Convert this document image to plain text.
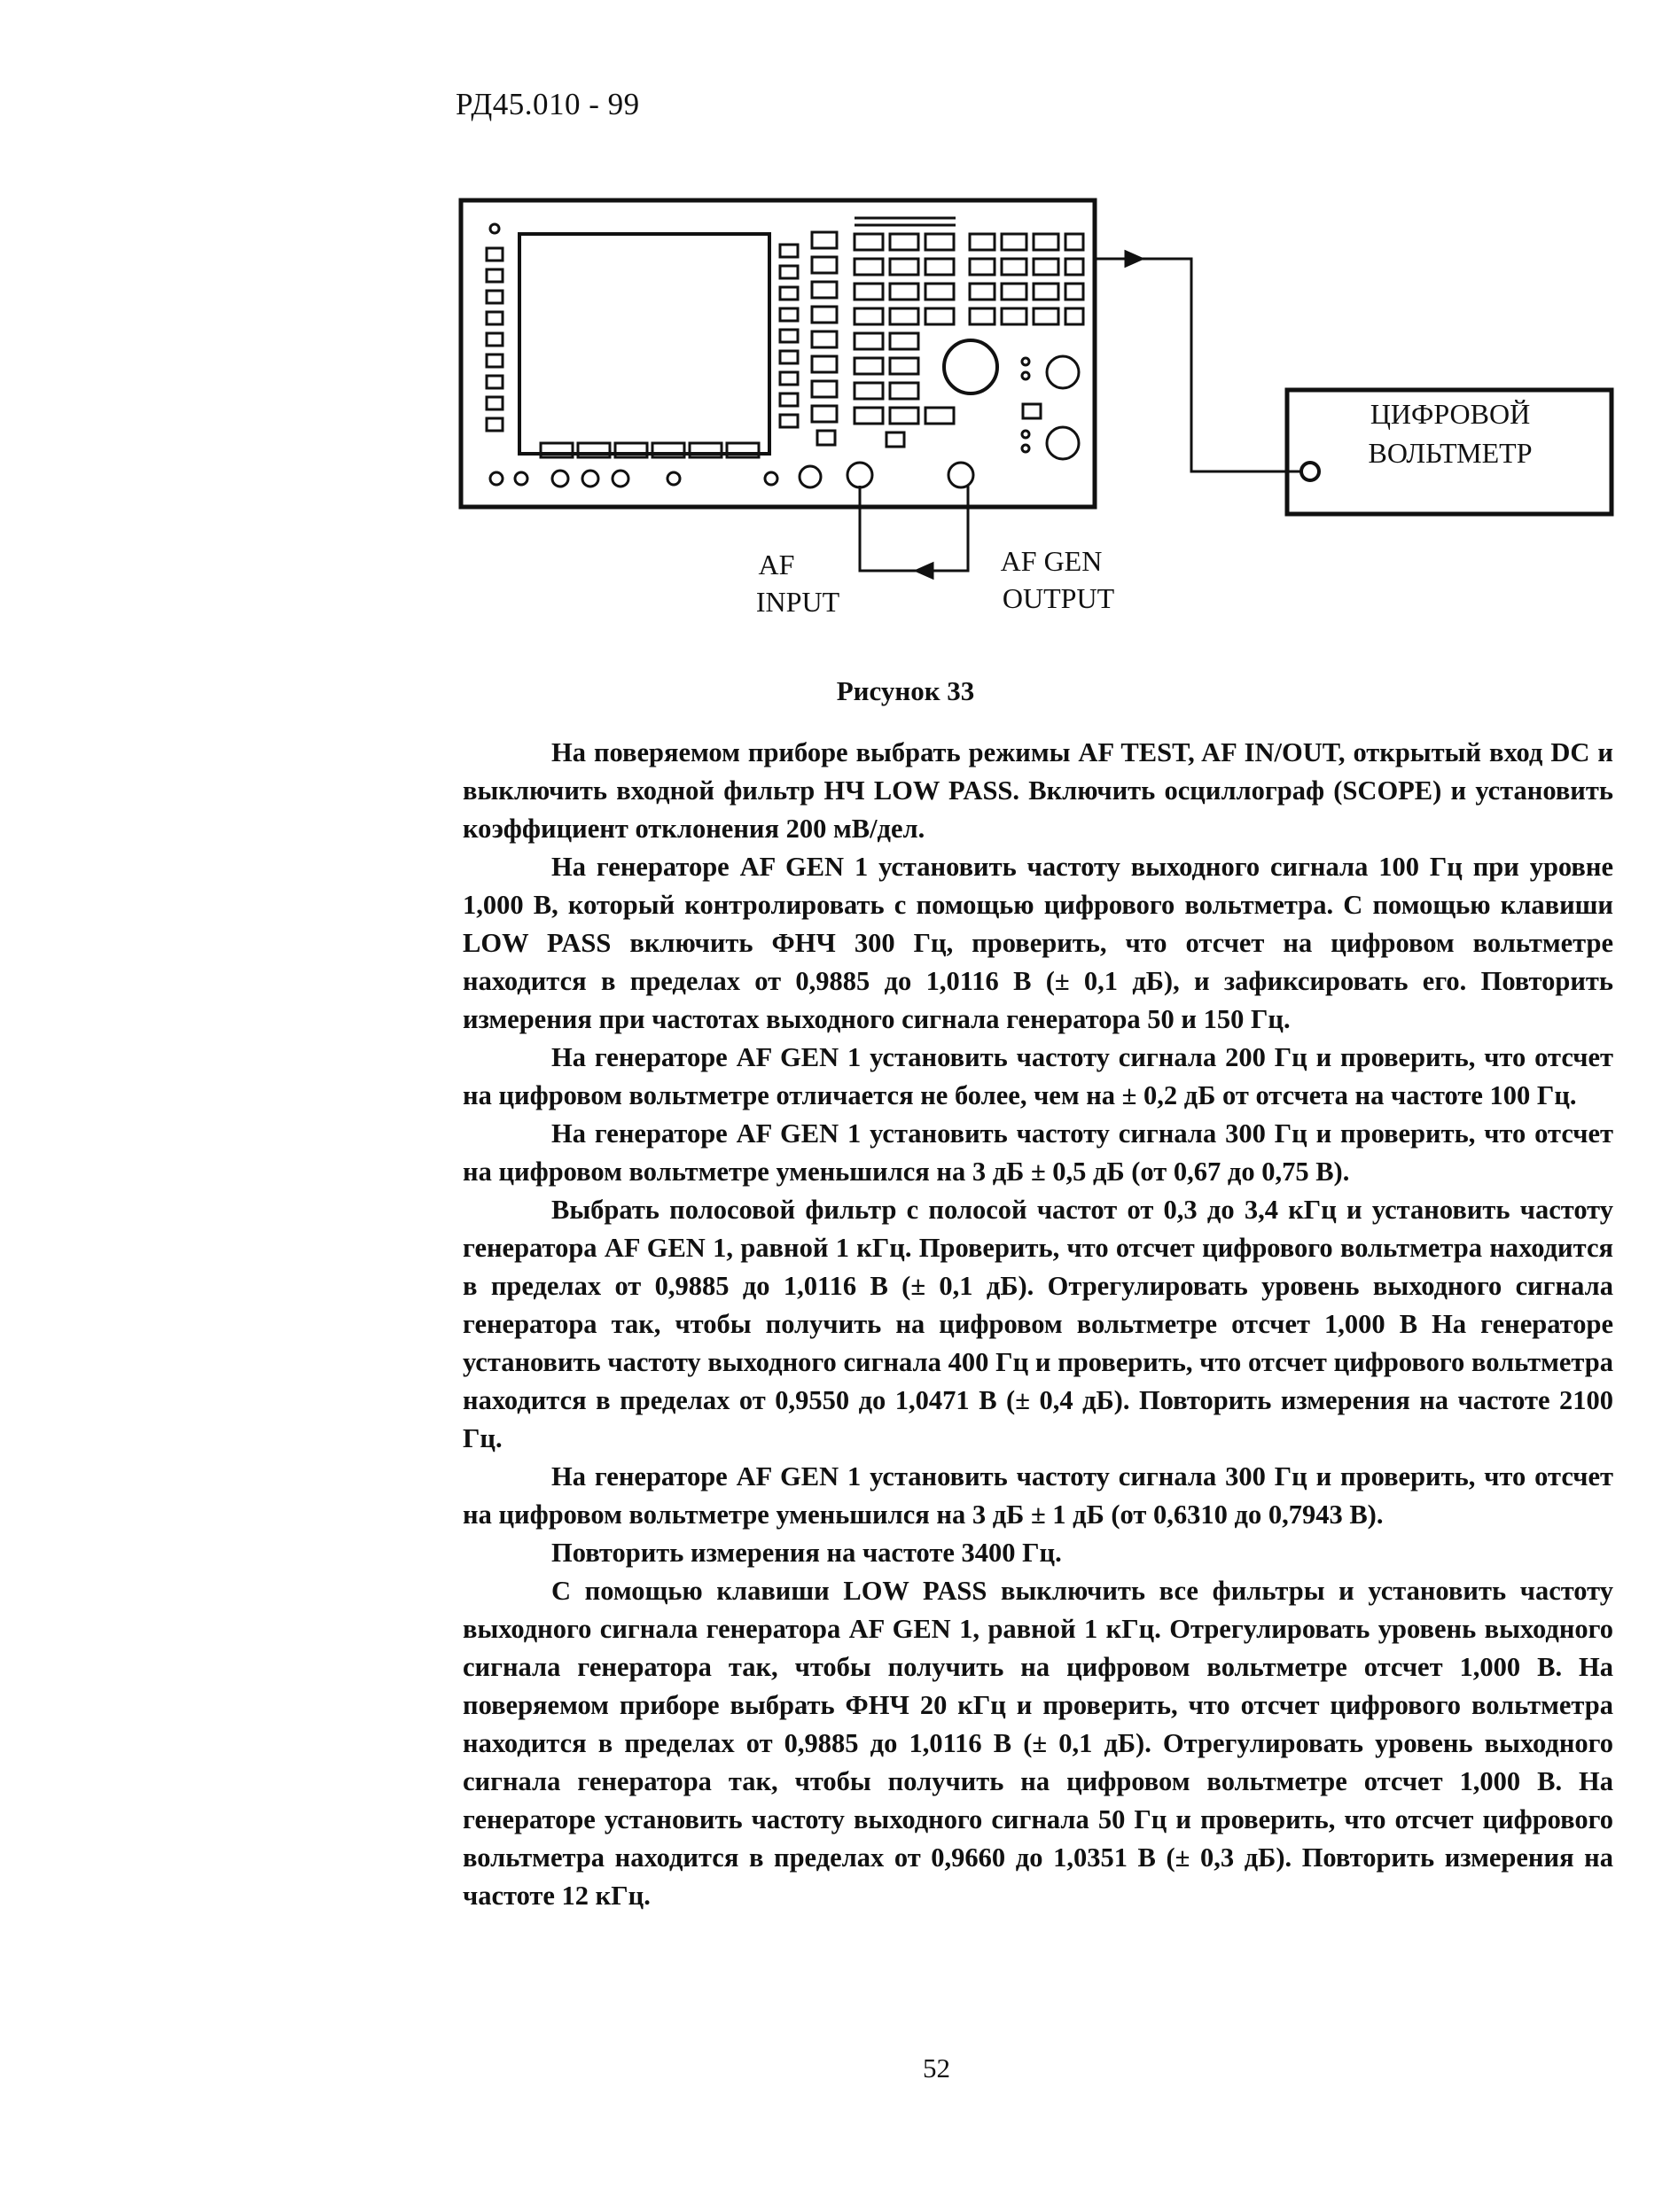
РД45.010 - 99
ЦИФРОВОЙ
ВОЛЬТМЕТР
AF
INPUT
AF GEN
OUTPUT
Рисунок 33

На поверяемом приборе выбрать режимы AF TEST, AF IN/OUT, открытый вход DC и выключить входной фильтр НЧ LOW PASS. Включить осциллограф (SCOPE) и установить коэффициент отклонения 200 мВ/дел.

На генераторе AF GEN 1 установить частоту выходного сигнала 100 Гц при уровне 1,000 В, который контролировать с помощью цифрового вольтметра. С помощью клавиши LOW PASS включить ФНЧ 300 Гц, проверить, что отсчет на цифровом вольтметре находится в пределах от 0,9885 до 1,0116 В (± 0,1 дБ), и зафиксировать его. Повторить измерения при частотах выходного сигнала генератора 50 и 150 Гц.

На генераторе AF GEN 1 установить частоту сигнала 200 Гц и проверить, что отсчет на цифровом вольтметре отличается не более, чем на ± 0,2 дБ от отсчета на частоте 100 Гц.

На генераторе AF GEN 1 установить частоту сигнала 300 Гц и проверить, что отсчет на цифровом вольтметре уменьшился на 3 дБ ± 0,5 дБ (от 0,67 до 0,75 В).

Выбрать полосовой фильтр с полосой частот от 0,3 до 3,4 кГц и установить частоту генератора AF GEN 1, равной 1 кГц. Проверить, что отсчет цифрового вольтметра находится в пределах от 0,9885 до 1,0116 В (± 0,1 дБ). Отрегулировать уровень выходного сигнала генератора так, чтобы получить на цифровом вольтметре отсчет 1,000 В На генераторе установить частоту выходного сигнала 400 Гц и проверить, что отсчет цифрового вольтметра находится в пределах от 0,9550 до 1,0471 В (± 0,4 дБ). Повторить измерения на частоте 2100 Гц.

На генераторе AF GEN 1 установить частоту сигнала 300 Гц и проверить, что отсчет на цифровом вольтметре уменьшился на 3 дБ ± 1 дБ (от 0,6310 до 0,7943 В).

Повторить измерения на частоте 3400 Гц.

С помощью клавиши LOW PASS выключить все фильтры и установить частоту выходного сигнала генератора AF GEN 1, равной 1 кГц. Отрегулировать уровень выходного сигнала генератора так, чтобы получить на цифровом вольтметре отсчет 1,000 В. На поверяемом приборе выбрать ФНЧ 20 кГц и проверить, что отсчет цифрового вольтметра находится в пределах от 0,9885 до 1,0116 В (± 0,1 дБ). Отрегулировать уровень выходного сигнала генератора так, чтобы получить на цифровом вольтметре отсчет 1,000 В. На генераторе установить частоту выходного сигнала 50 Гц и проверить, что отсчет цифрового вольтметра находится в пределах от 0,9660 до 1,0351 В (± 0,3 дБ). Повторить измерения на частоте 12 кГц.

52
